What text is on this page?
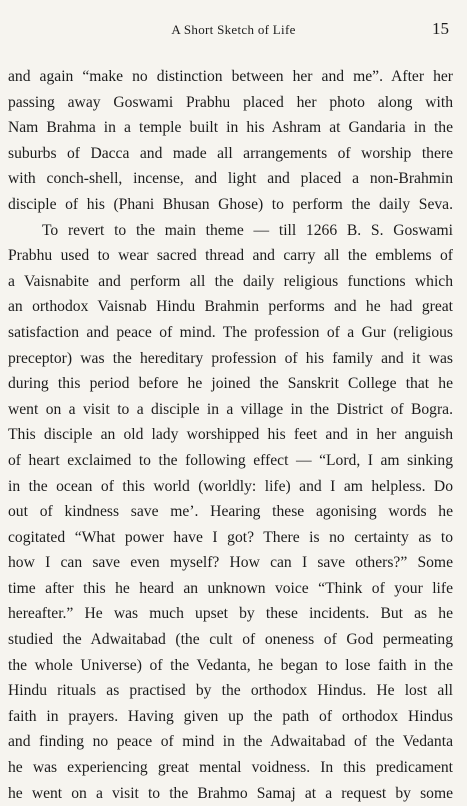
A Short Sketch of Life	15
and again “make no distinction between her and me”. After her
passing away Goswami Prabhu placed her photo along with
Nam Brahma in a temple built in his Ashram at Gandaria in the
suburbs of Dacca and made all arrangements of worship there
with conch-shell, incense, and light and placed a non-Brahmin
disciple of his (Phani Bhusan Ghose) to perform the daily Seva.
To revert to the main theme — till 1266 B. S. Goswami
Prabhu used to wear sacred thread and carry all the emblems of
a Vaisnabite and perform all the daily religious functions which
an orthodox Vaisnab Hindu Brahmin performs and he had great
satisfaction and peace of mind. The profession of a Gur (religious
preceptor) was the hereditary profession of his family and it was
during this period before he joined the Sanskrit College that he
went on a visit to a disciple in a village in the District of Bogra.
This disciple an old lady worshipped his feet and in her anguish
of heart exclaimed to the following effect — “Lord, I am sinking
in the ocean of this world (worldly: life) and I am helpless. Do
out of kindness save me’. Hearing these agonising words he
cogitated “What power have I got? There is no certainty as to
how I can save even myself? How can I save others?” Some
time after this he heard an unknown voice “Think of your life
hereafter.” He was much upset by these incidents. But as he
studied the Adwaitabad (the cult of oneness of God permeating
the whole Universe) of the Vedanta, he began to lose faith in the
Hindu rituals as practised by the orthodox Hindus. He lost all
faith in prayers. Having given up the path of orthodox Hindus
and finding no peace of mind in the Adwaitabad of the Vedanta
he was experiencing great mental voidness. In this predicament
he went on a visit to the Brahmo Samaj at a request by some
